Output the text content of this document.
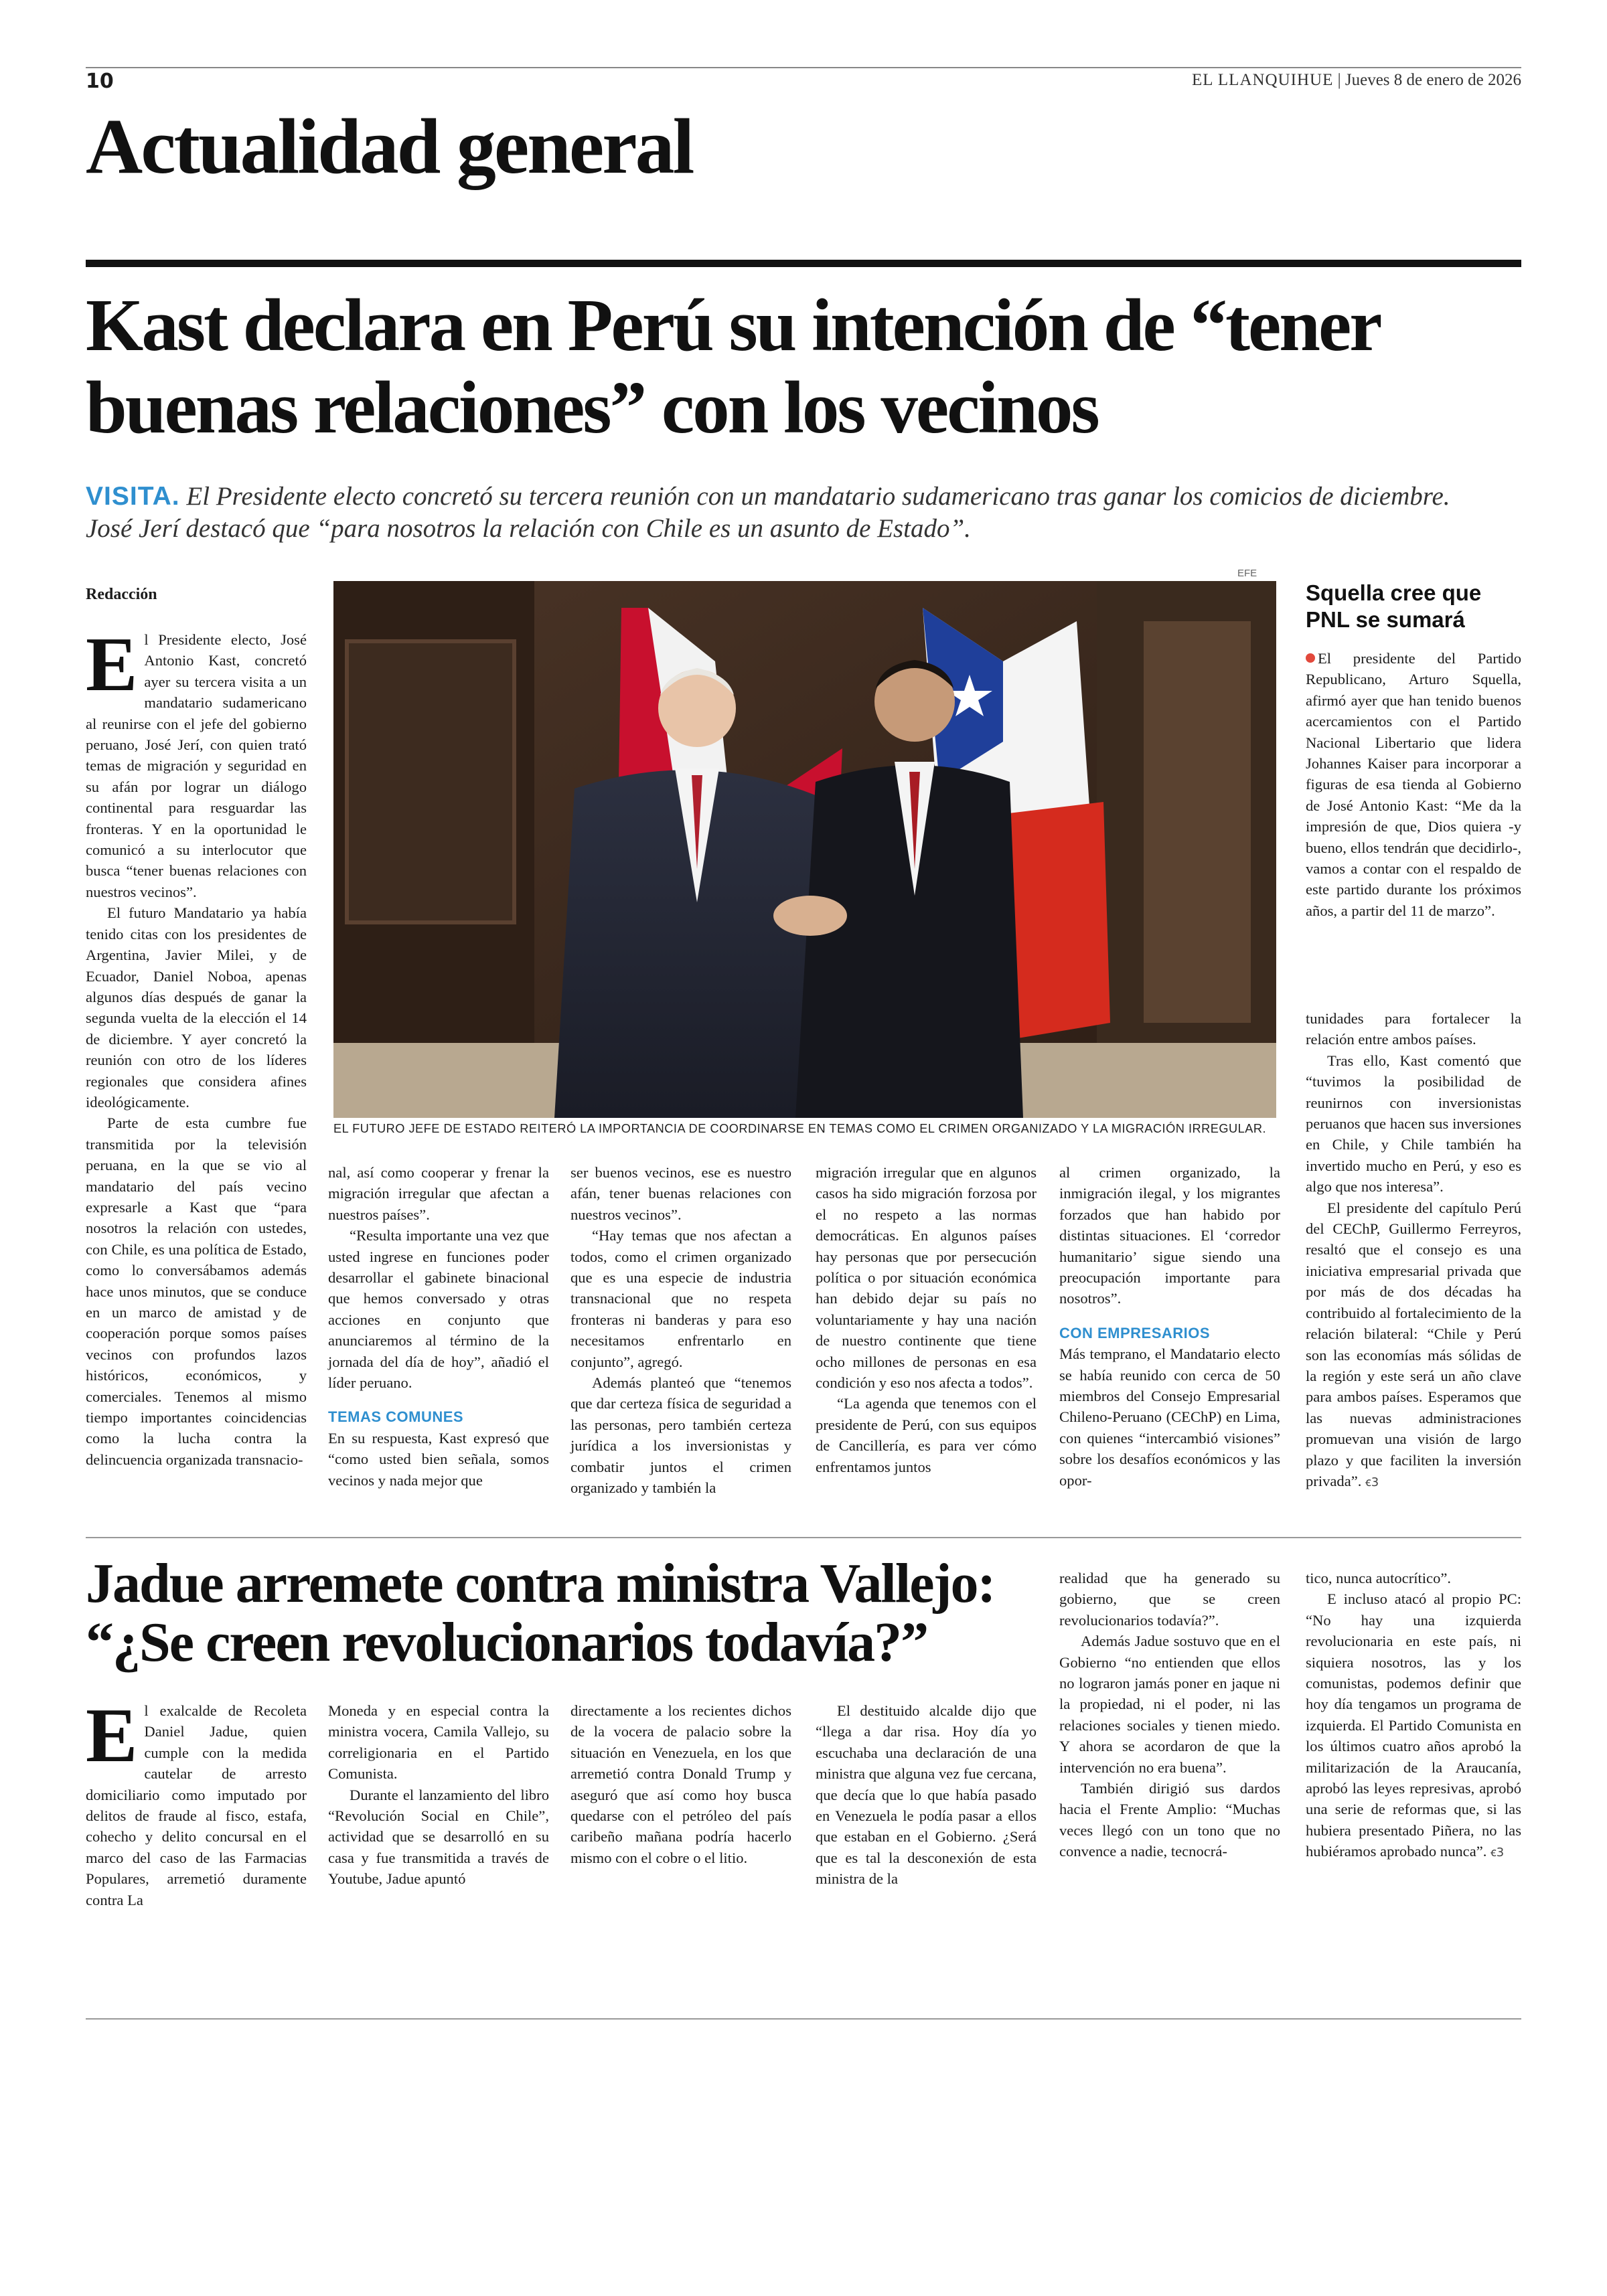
10	EL LLANQUIHUE | Jueves 8 de enero de 2026
Actualidad general
Kast declara en Perú su intención de “tener buenas relaciones” con los vecinos
VISITA. El Presidente electo concretó su tercera reunión con un mandatario sudamericano tras ganar los comicios de diciembre. José Jerí destacó que “para nosotros la relación con Chile es un asunto de Estado”.
Redacción
E l Presidente electo, José Antonio Kast, concretó ayer su tercera visita a un mandatario sudamericano al reunirse con el jefe del gobierno peruano, José Jerí, con quien trató temas de migración y seguridad en su afán por lograr un diálogo continental para resguardar las fronteras. Y en la oportunidad le comunicó a su interlocutor que busca “tener buenas relaciones con nuestros vecinos”.

El futuro Mandatario ya había tenido citas con los presidentes de Argentina, Javier Milei, y de Ecuador, Daniel Noboa, apenas algunos días después de ganar la segunda vuelta de la elección el 14 de diciembre. Y ayer concretó la reunión con otro de los líderes regionales que considera afines ideológicamente.

Parte de esta cumbre fue transmitida por la televisión peruana, en la que se vio al mandatario del país vecino expresarle a Kast que “para nosotros la relación con ustedes, con Chile, es una política de Estado, como lo conversábamos además hace unos minutos, que se conduce en un marco de amistad y de cooperación porque somos países vecinos con profundos lazos históricos, económicos, y comerciales. Tenemos al mismo tiempo importantes coincidencias como la lucha contra la delincuencia organizada transnacio-

EFE
EL FUTURO JEFE DE ESTADO REITERÓ LA IMPORTANCIA DE COORDINARSE EN TEMAS COMO EL CRIMEN ORGANIZADO Y LA MIGRACIÓN IRREGULAR.

nal, así como cooperar y frenar la migración irregular que afectan a nuestros países”.

“Resulta importante una vez que usted ingrese en funciones poder desarrollar el gabinete binacional que hemos conversado y otras acciones en conjunto que anunciaremos al término de la jornada del día de hoy”, añadió el líder peruano.

TEMAS COMUNES

En su respuesta, Kast expresó que “como usted bien señala, somos vecinos y nada mejor que

ser buenos vecinos, ese es nuestro afán, tener buenas relaciones con nuestros vecinos”.

“Hay temas que nos afectan a todos, como el crimen organizado que es una especie de industria transnacional que no respeta fronteras ni banderas y para eso necesitamos enfrentarlo en conjunto”, agregó.

Además planteó que “tenemos que dar certeza física de seguridad a las personas, pero también certeza jurídica a los inversionistas y combatir juntos el crimen organizado y también la

migración irregular que en algunos casos ha sido migración forzosa por el no respeto a las normas democráticas. En algunos países hay personas que por persecución política o por situación económica han debido dejar su país no voluntariamente y hay una nación de nuestro continente que tiene ocho millones de personas en esa condición y eso nos afecta a todos”.

“La agenda que tenemos con el presidente de Perú, con sus equipos de Cancillería, es para ver cómo enfrentamos juntos

al crimen organizado, la inmigración ilegal, y los migrantes forzados que han habido por distintas situaciones. El ‘corredor humanitario’ sigue siendo una preocupación importante para nosotros”.

CON EMPRESARIOS

Más temprano, el Mandatario electo se había reunido con cerca de 50 miembros del Consejo Empresarial Chileno-Peruano (CEChP) en Lima, con quienes “intercambió visiones” sobre los desafíos económicos y las opor-

Squella cree que PNL se sumará

El presidente del Partido Republicano, Arturo Squella, afirmó ayer que han tenido buenos acercamientos con el Partido Nacional Libertario que lidera Johannes Kaiser para incorporar a figuras de esa tienda al Gobierno de José Antonio Kast: “Me da la impresión de que, Dios quiera -y bueno, ellos tendrán que decidirlo-, vamos a contar con el respaldo de este partido durante los próximos años, a partir del 11 de marzo”.

tunidades para fortalecer la relación entre ambos países.

Tras ello, Kast comentó que “tuvimos la posibilidad de reunirnos con inversionistas peruanos que hacen sus inversiones en Chile, y Chile también ha invertido mucho en Perú, y eso es algo que nos interesa”.

El presidente del capítulo Perú del CEChP, Guillermo Ferreyros, resaltó que el consejo es una iniciativa empresarial privada que por más de dos décadas ha contribuido al fortalecimiento de la relación bilateral: “Chile y Perú son las economías más sólidas de la región y este será un año clave para ambos países. Esperamos que las nuevas administraciones promuevan una visión de largo plazo y que faciliten la inversión privada”. ꞓ3

Jadue arremete contra ministra Vallejo: “¿Se creen revolucionarios todavía?”
E l exalcalde de Recoleta Daniel Jadue, quien cumple con la medida cautelar de arresto domiciliario como imputado por delitos de fraude al fisco, estafa, cohecho y delito concursal en el marco del caso de las Farmacias Populares, arremetió duramente contra La

Moneda y en especial contra la ministra vocera, Camila Vallejo, su correligionaria en el Partido Comunista.

Durante el lanzamiento del libro “Revolución Social en Chile”, actividad que se desarrolló en su casa y fue transmitida a través de Youtube, Jadue apuntó

directamente a los recientes dichos de la vocera de palacio sobre la situación en Venezuela, en los que arremetió contra Donald Trump y aseguró que así como hoy busca quedarse con el petróleo del país caribeño mañana podría hacerlo mismo con el cobre o el litio.

El destituido alcalde dijo que “llega a dar risa. Hoy día yo escuchaba una declaración de una ministra que alguna vez fue cercana, que decía que lo que había pasado en Venezuela le podía pasar a ellos que estaban en el Gobierno. ¿Será que es tal la desconexión de esta ministra de la

realidad que ha generado su gobierno, que se creen revolucionarios todavía?”.

Además Jadue sostuvo que en el Gobierno “no entienden que ellos no lograron jamás poner en jaque ni la propiedad, ni el poder, ni las relaciones sociales y tienen miedo. Y ahora se acordaron de que la intervención no era buena”.

También dirigió sus dardos hacia el Frente Amplio: “Muchas veces llegó con un tono que no convence a nadie, tecnocrá-

tico, nunca autocrítico”.

E incluso atacó al propio PC: “No hay una izquierda revolucionaria en este país, ni siquiera nosotros, las y los comunistas, podemos definir que hoy día tengamos un programa de izquierda. El Partido Comunista en los últimos cuatro años aprobó la militarización de la Araucanía, aprobó las leyes represivas, aprobó una serie de reformas que, si las hubiera presentado Piñera, no las hubiéramos aprobado nunca”. ꞓ3
